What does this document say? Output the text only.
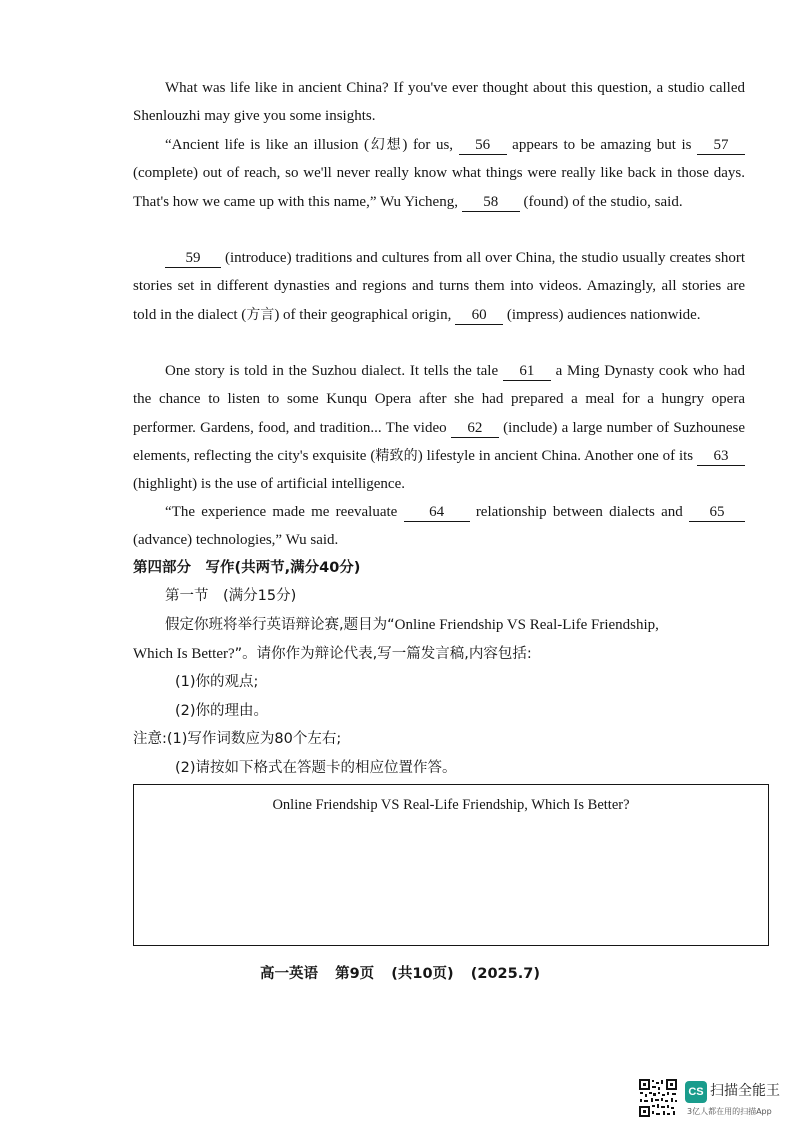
What was life like in ancient China? If you've ever thought about this question, a studio called Shenlouzhi may give you some insights.

“Ancient life is like an illusion (幻想) for us, 56 appears to be amazing but is 57 (complete) out of reach, so we'll never really know what things were really like back in those days. That's how we came up with this name,” Wu Yicheng, 58 (found) of the studio, said.

59 (introduce) traditions and cultures from all over China, the studio usually creates short stories set in different dynasties and regions and turns them into videos. Amazingly, all stories are told in the dialect (方言) of their geographical origin, 60 (impress) audiences nationwide.

One story is told in the Suzhou dialect. It tells the tale 61 a Ming Dynasty cook who had the chance to listen to some Kunqu Opera after she had prepared a meal for a hungry opera performer. Gardens, food, and tradition... The video 62 (include) a large number of Suzhounese elements, reflecting the city's exquisite (精致的) lifestyle in ancient China. Another one of its 63 (highlight) is the use of artificial intelligence.

“The experience made me reevaluate 64 relationship between dialects and 65 (advance) technologies,” Wu said.

第四部分　写作(共两节,满分40分)

第一节　(满分15分)

假定你班将举行英语辩论赛,题目为“Online Friendship VS Real-Life Friendship,

Which Is Better?”。请你作为辩论代表,写一篇发言稿,内容包括:

(1)你的观点;

(2)你的理由。

注意:(1)写作词数应为80个左右;

(2)请按如下格式在答题卡的相应位置作答。

Online Friendship VS Real-Life Friendship, Which Is Better?

高一英语 第9页 (共10页) (2025.7)

CS 扫描全能王
3亿人都在用的扫描App
